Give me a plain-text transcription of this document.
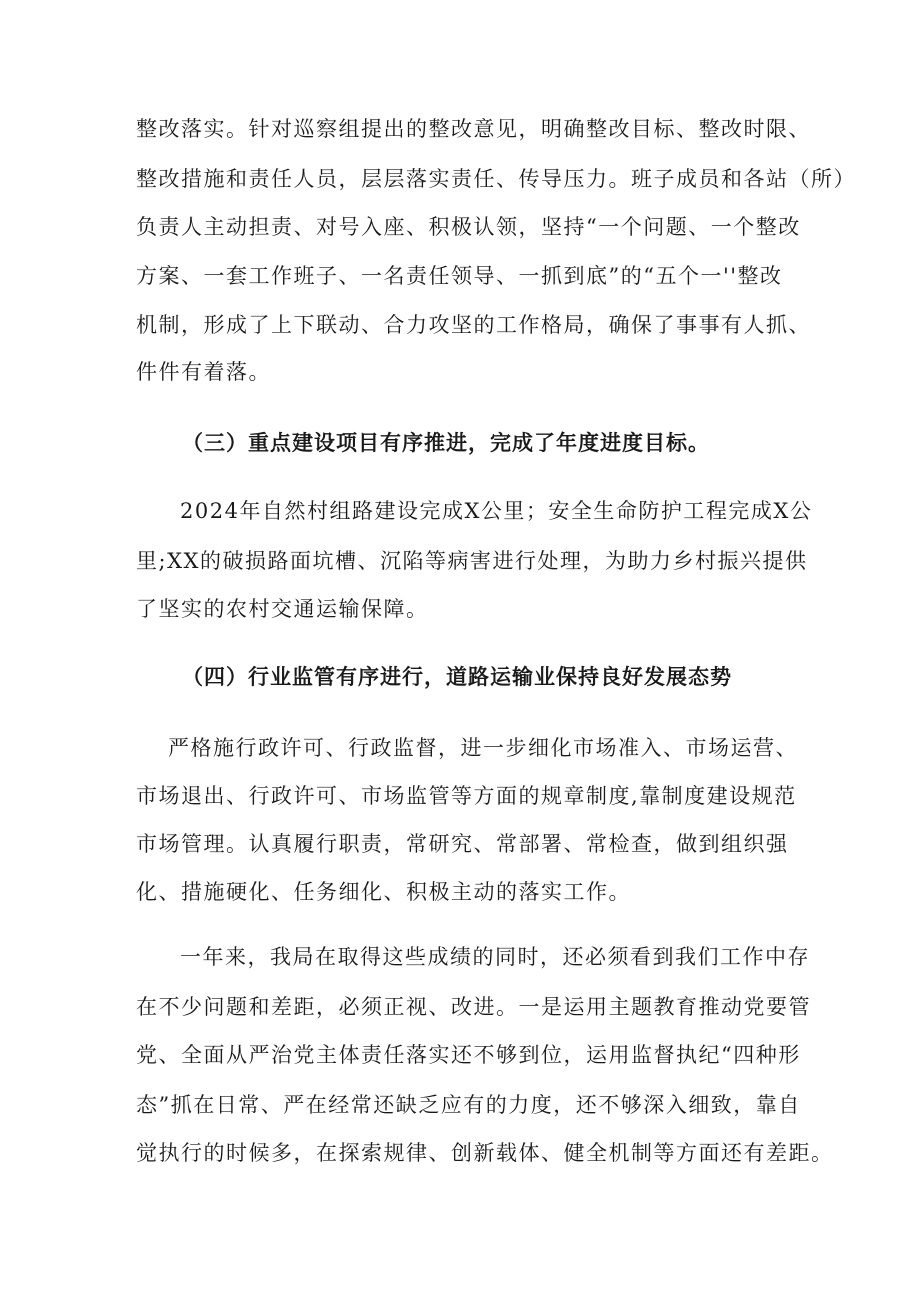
整改落实。针对巡察组提出的整改意见，明确整改目标、整改时限、
整改措施和责任人员，层层落实责任、传导压力。班子成员和各站（所）
负责人主动担责、对号入座、积极认领，坚持“一个问题、一个整改
方案、一套工作班子、一名责任领导、一抓到底”的“五个一''整改
机制，形成了上下联动、合力攻坚的工作格局，确保了事事有人抓、
件件有着落。
（三）重点建设项目有序推进，完成了年度进度目标。
2024年自然村组路建设完成X公里；安全生命防护工程完成X公
里;XX的破损路面坑槽、沉陷等病害进行处理，为助力乡村振兴提供
了坚实的农村交通运输保障。
（四）行业监管有序进行，道路运输业保持良好发展态势
严格施行政许可、行政监督，进一步细化市场准入、市场运营、
市场退出、行政许可、市场监管等方面的规章制度,靠制度建设规范
市场管理。认真履行职责，常研究、常部署、常检查，做到组织强
化、措施硬化、任务细化、积极主动的落实工作。
一年来，我局在取得这些成绩的同时，还必须看到我们工作中存
在不少问题和差距，必须正视、改进。一是运用主题教育推动党要管
党、全面从严治党主体责任落实还不够到位，运用监督执纪“四种形
态”抓在日常、严在经常还缺乏应有的力度，还不够深入细致，靠自
觉执行的时候多，在探索规律、创新载体、健全机制等方面还有差距。
